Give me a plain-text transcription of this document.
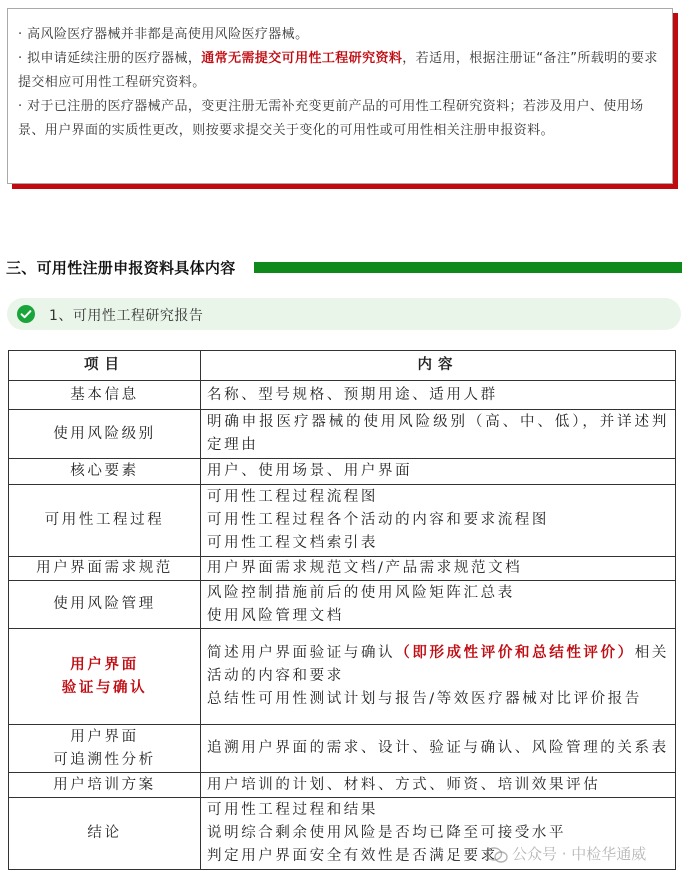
· 高风险医疗器械并非都是高使用风险医疗器械。

· 拟申请延续注册的医疗器械，通常无需提交可用性工程研究资料，若适用，根据注册证“备注”所载明的要求提交相应可用性工程研究资料。

· 对于已注册的医疗器械产品，变更注册无需补充变更前产品的可用性工程研究资料；若涉及用户、使用场景、用户界面的实质性更改，则按要求提交关于变化的可用性或可用性相关注册申报资料。

三、可用性注册申报资料具体内容
1、可用性工程研究报告
项目	内容
基本信息	名称、型号规格、预期用途、适用人群

使用风险级别	明确申报医疗器械的使用风险级别（高、中、低），并详述判定理由

核心要素	用户、使用场景、用户界面

可用性工程过程	可用性工程过程流程图
可用性工程过程各个活动的内容和要求流程图
可用性工程文档索引表

用户界面需求规范	用户界面需求规范文档/产品需求规范文档

使用风险管理	风险控制措施前后的使用风险矩阵汇总表
使用风险管理文档

用户界面
验证与确认	简述用户界面验证与确认（即形成性评价和总结性评价）相关活动的内容和要求
总结性可用性测试计划与报告/等效医疗器械对比评价报告

用户界面
可追溯性分析	追溯用户界面的需求、设计、验证与确认、风险管理的关系表

用户培训方案	用户培训的计划、材料、方式、师资、培训效果评估

结论	可用性工程过程和结果
说明综合剩余使用风险是否均已降至可接受水平
判定用户界面安全有效性是否满足要求 公众号 · 中检华通威
